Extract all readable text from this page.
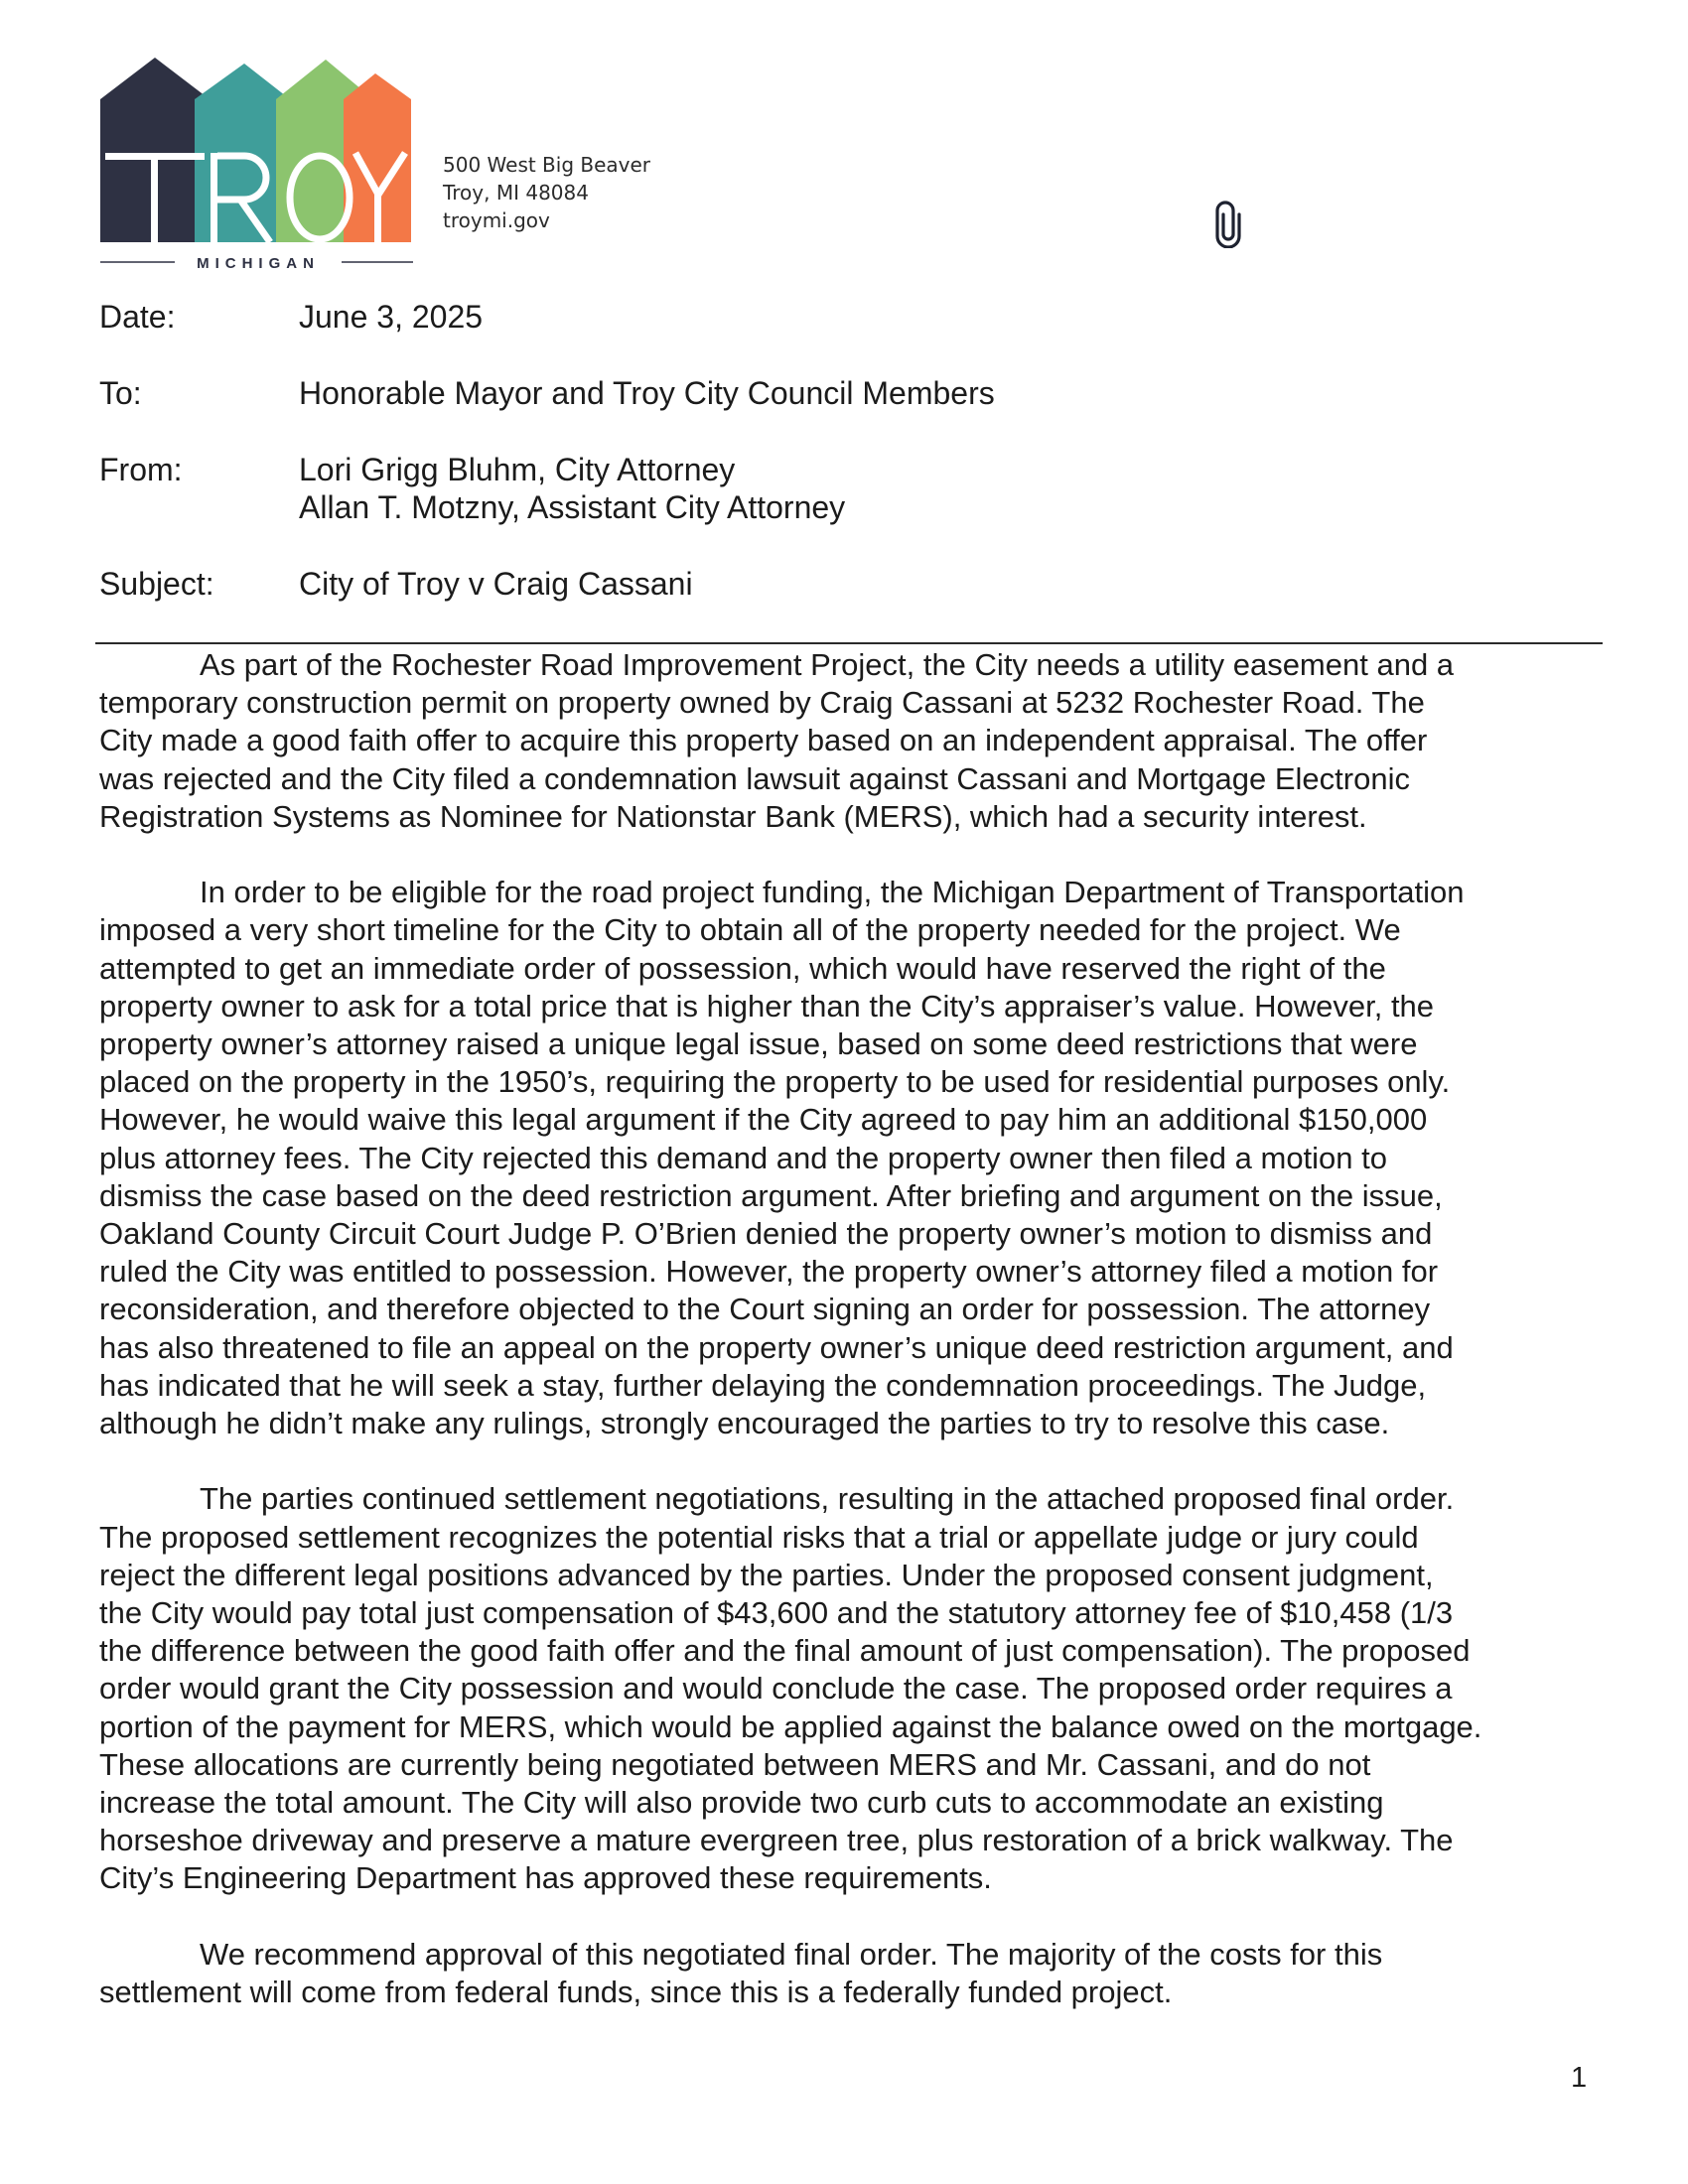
MICHIGAN
500 West Big Beaver
Troy, MI 48084
troymi.gov
Date:	June 3, 2025
To:	Honorable Mayor and Troy City Council Members
From:	Lori Grigg Bluhm, City Attorney
Allan T. Motzny, Assistant City Attorney
Subject:	City of Troy v Craig Cassani

As part of the Rochester Road Improvement Project, the City needs a utility easement and a
temporary construction permit on property owned by Craig Cassani at 5232 Rochester Road. The
City made a good faith offer to acquire this property based on an independent appraisal. The offer
was rejected and the City filed a condemnation lawsuit against Cassani and Mortgage Electronic
Registration Systems as Nominee for Nationstar Bank (MERS), which had a security interest.

In order to be eligible for the road project funding, the Michigan Department of Transportation
imposed a very short timeline for the City to obtain all of the property needed for the project. We
attempted to get an immediate order of possession, which would have reserved the right of the
property owner to ask for a total price that is higher than the City’s appraiser’s value. However, the
property owner’s attorney raised a unique legal issue, based on some deed restrictions that were
placed on the property in the 1950’s, requiring the property to be used for residential purposes only.
However, he would waive this legal argument if the City agreed to pay him an additional $150,000
plus attorney fees. The City rejected this demand and the property owner then filed a motion to
dismiss the case based on the deed restriction argument. After briefing and argument on the issue,
Oakland County Circuit Court Judge P. O’Brien denied the property owner’s motion to dismiss and
ruled the City was entitled to possession. However, the property owner’s attorney filed a motion for
reconsideration, and therefore objected to the Court signing an order for possession. The attorney
has also threatened to file an appeal on the property owner’s unique deed restriction argument, and
has indicated that he will seek a stay, further delaying the condemnation proceedings. The Judge,
although he didn’t make any rulings, strongly encouraged the parties to try to resolve this case.

The parties continued settlement negotiations, resulting in the attached proposed final order.
The proposed settlement recognizes the potential risks that a trial or appellate judge or jury could
reject the different legal positions advanced by the parties. Under the proposed consent judgment,
the City would pay total just compensation of $43,600 and the statutory attorney fee of $10,458 (1/3
the difference between the good faith offer and the final amount of just compensation). The proposed
order would grant the City possession and would conclude the case. The proposed order requires a
portion of the payment for MERS, which would be applied against the balance owed on the mortgage.
These allocations are currently being negotiated between MERS and Mr. Cassani, and do not
increase the total amount. The City will also provide two curb cuts to accommodate an existing
horseshoe driveway and preserve a mature evergreen tree, plus restoration of a brick walkway. The
City’s Engineering Department has approved these requirements.

We recommend approval of this negotiated final order. The majority of the costs for this
settlement will come from federal funds, since this is a federally funded project.

1
